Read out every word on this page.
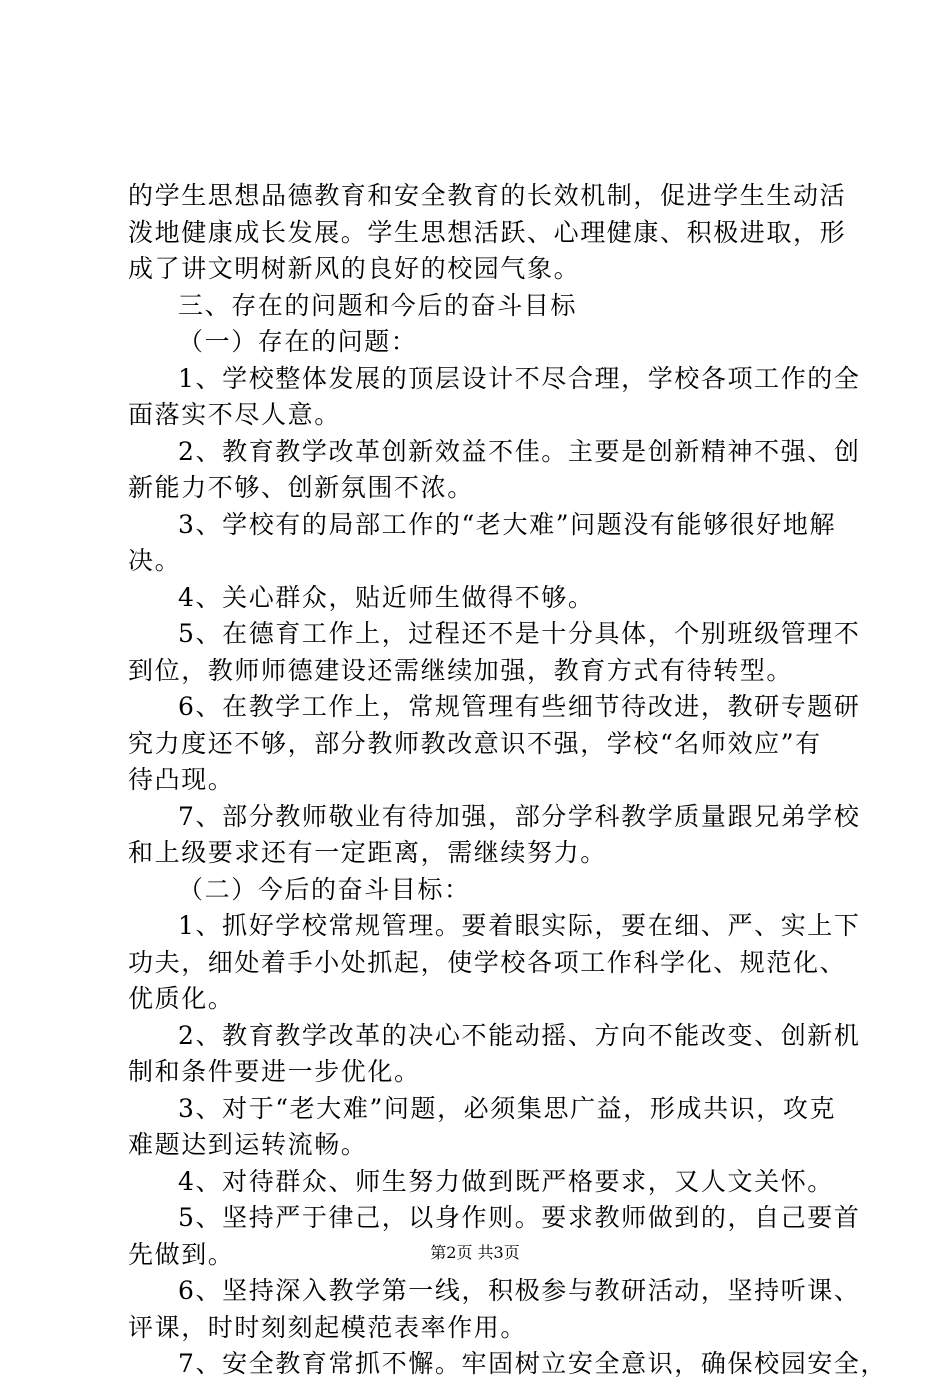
的学生思想品德教育和安全教育的长效机制，促进学生生动活
泼地健康成长发展。学生思想活跃、心理健康、积极进取，形
成了讲文明树新风的良好的校园气象。
三、存在的问题和今后的奋斗目标
（一）存在的问题：
1、学校整体发展的顶层设计不尽合理，学校各项工作的全
面落实不尽人意。
2、教育教学改革创新效益不佳。主要是创新精神不强、创
新能力不够、创新氛围不浓。
3、学校有的局部工作的“老大难”问题没有能够很好地解
决。
4、关心群众，贴近师生做得不够。
5、在德育工作上，过程还不是十分具体，个别班级管理不
到位，教师师德建设还需继续加强，教育方式有待转型。
6、在教学工作上，常规管理有些细节待改进，教研专题研
究力度还不够，部分教师教改意识不强，学校“名师效应”有
待凸现。
7、部分教师敬业有待加强，部分学科教学质量跟兄弟学校
和上级要求还有一定距离，需继续努力。
（二）今后的奋斗目标：
1、抓好学校常规管理。要着眼实际，要在细、严、实上下
功夫，细处着手小处抓起，使学校各项工作科学化、规范化、
优质化。
2、教育教学改革的决心不能动摇、方向不能改变、创新机
制和条件要进一步优化。
3、对于“老大难”问题，必须集思广益，形成共识，攻克
难题达到运转流畅。
4、对待群众、师生努力做到既严格要求，又人文关怀。
5、坚持严于律己，以身作则。要求教师做到的，自己要首
先做到。
6、坚持深入教学第一线，积极参与教研活动，坚持听课、
评课，时时刻刻起模范表率作用。
7、安全教育常抓不懈。牢固树立安全意识，确保校园安全，
第2页 共3页
